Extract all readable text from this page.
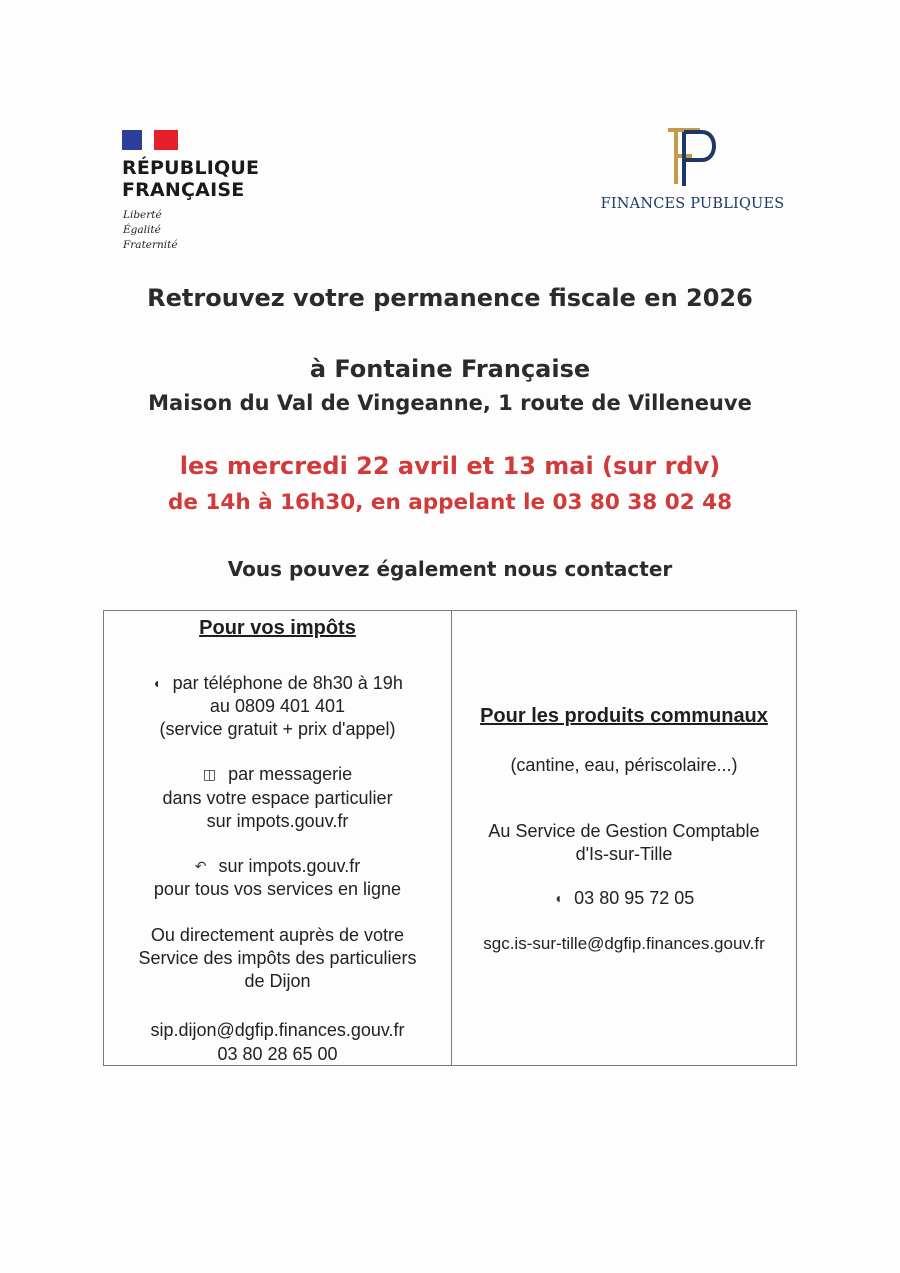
RÉPUBLIQUE
FRANÇAISE
Liberté
Égalité
Fraternité
FINANCES PUBLIQUES
Retrouvez votre permanence fiscale en 2026
à Fontaine Française
Maison du Val de Vingeanne, 1 route de Villeneuve
les mercredi 22 avril et 13 mai (sur rdv)
de 14h à 16h30, en appelant le 03 80 38 02 48
Vous pouvez également nous contacter
Pour vos impôts
◖ par téléphone de 8h30 à 19h
au 0809 401 401
(service gratuit + prix d'appel)
◫ par messagerie
dans votre espace particulier
sur impots.gouv.fr
↶ sur impots.gouv.fr
pour tous vos services en ligne
Ou directement auprès de votre
Service des impôts des particuliers
de Dijon
sip.dijon@dgfip.finances.gouv.fr
03 80 28 65 00
Pour les produits communaux
(cantine, eau, périscolaire...)
Au Service de Gestion Comptable
d'Is-sur-Tille
◖ 03 80 95 72 05
sgc.is-sur-tille@dgfip.finances.gouv.fr
